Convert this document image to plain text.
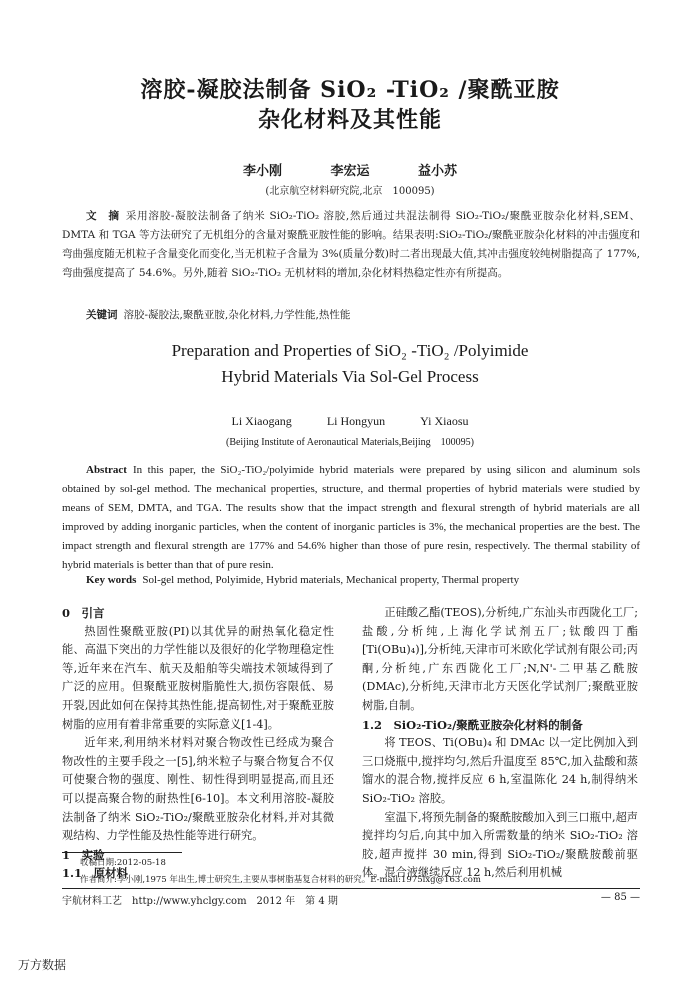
溶胶-凝胶法制备 SiO₂ -TiO₂ /聚酰亚胺
杂化材料及其性能
李小刚	李宏运	益小苏
(北京航空材料研究院,北京　100095)
文　摘 采用溶胶-凝胶法制备了纳米 SiO₂-TiO₂ 溶胶,然后通过共混法制得 SiO₂-TiO₂/聚酰亚胺杂化材料,SEM、DMTA 和 TGA 等方法研究了无机组分的含量对聚酰亚胺性能的影响。结果表明:SiO₂-TiO₂/聚酰亚胺杂化材料的冲击强度和弯曲强度随无机粒子含量变化而变化,当无机粒子含量为 3%(质量分数)时二者出现最大值,其冲击强度较纯树脂提高了 177%,弯曲强度提高了 54.6%。另外,随着 SiO₂-TiO₂ 无机材料的增加,杂化材料热稳定性亦有所提高。
关键词 溶胶-凝胶法,聚酰亚胺,杂化材料,力学性能,热性能
Preparation and Properties of SiO₂ -TiO₂ /Polyimide
Hybrid Materials Via Sol-Gel Process
Li Xiaogang	Li Hongyun	Yi Xiaosu
(Beijing Institute of Aeronautical Materials,Beijing　100095)
Abstract In this paper, the SiO₂-TiO₂/polyimide hybrid materials were prepared by using silicon and aluminum sols obtained by sol-gel method. The mechanical properties, structure, and thermal properties of hybrid materials were studied by means of SEM, DMTA, and TGA. The results show that the impact strength and flexural strength of hybrid materials are all improved by adding inorganic particles, when the content of inorganic particles is 3%, the mechanical properties are the best. The impact strength and flexural strength are 177% and 54.6% higher than those of pure resin, respectively. The thermal stability of hybrid materials is better than that of pure resin.
Key words Sol-gel method, Polyimide, Hybrid materials, Mechanical property, Thermal property
0　引言

热固性聚酰亚胺(PI)以其优异的耐热氧化稳定性能、高温下突出的力学性能以及很好的化学物理稳定性等,近年来在汽车、航天及船舶等尖端技术领域得到了广泛的应用。但聚酰亚胺树脂脆性大,损伤容限低、易开裂,因此如何在保持其热性能,提高韧性,对于聚酰亚胺树脂的应用有着非常重要的实际意义[1-4]。

近年来,利用纳米材料对聚合物改性已经成为聚合物改性的主要手段之一[5],纳米粒子与聚合物复合不仅可使聚合物的强度、刚性、韧性得到明显提高,而且还可以提高聚合物的耐热性[6-10]。本文利用溶胶-凝胶法制备了纳米 SiO₂-TiO₂/聚酰亚胺杂化材料,并对其微观结构、力学性能及热性能等进行研究。

1　实验
1.1　原材料

正硅酸乙酯(TEOS),分析纯,广东汕头市西陇化工厂;盐酸,分析纯,上海化学试剂五厂;钛酸四丁酯[Ti(OBu)₄)],分析纯,天津市可米欧化学试剂有限公司;丙酮,分析纯,广东西陇化工厂;N,N'-二甲基乙酰胺(DMAc),分析纯,天津市北方天医化学试剂厂;聚酰亚胺树脂,自制。

1.2　SiO₂-TiO₂/聚酰亚胺杂化材料的制备

将 TEOS、Ti(OBu)₄ 和 DMAc 以一定比例加入到三口烧瓶中,搅拌均匀,然后升温度至 85℃,加入盐酸和蒸馏水的混合物,搅拌反应 6 h,室温陈化 24 h,制得纳米 SiO₂-TiO₂ 溶胶。

室温下,将预先制备的聚酰胺酸加入到三口瓶中,超声搅拌均匀后,向其中加入所需数量的纳米 SiO₂-TiO₂ 溶胶,超声搅拌 30 min,得到 SiO₂-TiO₂/聚酰胺酸前驱体。混合液继续反应 12 h,然后利用机械

收稿日期:2012-05-18
作者简介:李小刚,1975 年出生,博士研究生,主要从事树脂基复合材料的研究。E-mail:1975lxg@163.com
宇航材料工艺　http://www.yhclgy.com　2012 年　第 4 期	— 85 —
万方数据
